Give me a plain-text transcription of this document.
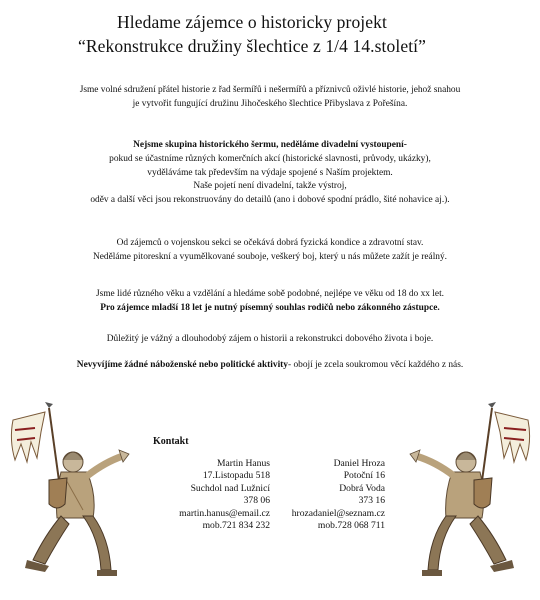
Hledame zájemce o historicky projekt
“Rekonstrukce družiny šlechtice z 1/4 14.století”
Jsme volné sdružení přátel historie z řad šermířů i nešermířů a příznivců oživlé historie, jehož snahou
je vytvořit fungující družinu Jihočeského šlechtice Přibyslava z Pořešína.
Nejsme skupina historického šermu, neděláme divadelní vystoupení-
pokud se účastníme různých komerčních akcí (historické slavnosti, průvody, ukázky),
vyděláváme tak především na výdaje spojené s Naším projektem.
Naše pojetí není divadelní, takže výstroj,
oděv a další věci jsou rekonstruovány do detailů (ano i dobové spodní prádlo, šité nohavice aj.).
Od zájemců o vojenskou sekci se očekává dobrá fyzická kondice a zdravotní stav.
Neděláme pitoreskní a vyumělkované souboje, veškerý boj, který u nás můžete zažít je reálný.
Jsme lidé různého věku a vzdělání a hledáme sobě podobné, nejlépe ve věku od 18 do xx let.
Pro zájemce mladší 18 let je nutný písemný souhlas rodičů nebo zákonného zástupce.
Důležitý je vážný a dlouhodobý zájem o historii a rekonstrukci dobového života i boje.
Nevyvíjíme žádné náboženské nebo politické aktivity- obojí je zcela soukromou věcí každého z nás.
Kontakt
Martin Hanus
17.Listopadu 518
Suchdol nad Lužnicí
378 06
martin.hanus@email.cz
mob.721 834 232
Daniel Hroza
Potoční 16
Dobrá Voda
373 16
hrozadaniel@seznam.cz
mob.728 068 711
